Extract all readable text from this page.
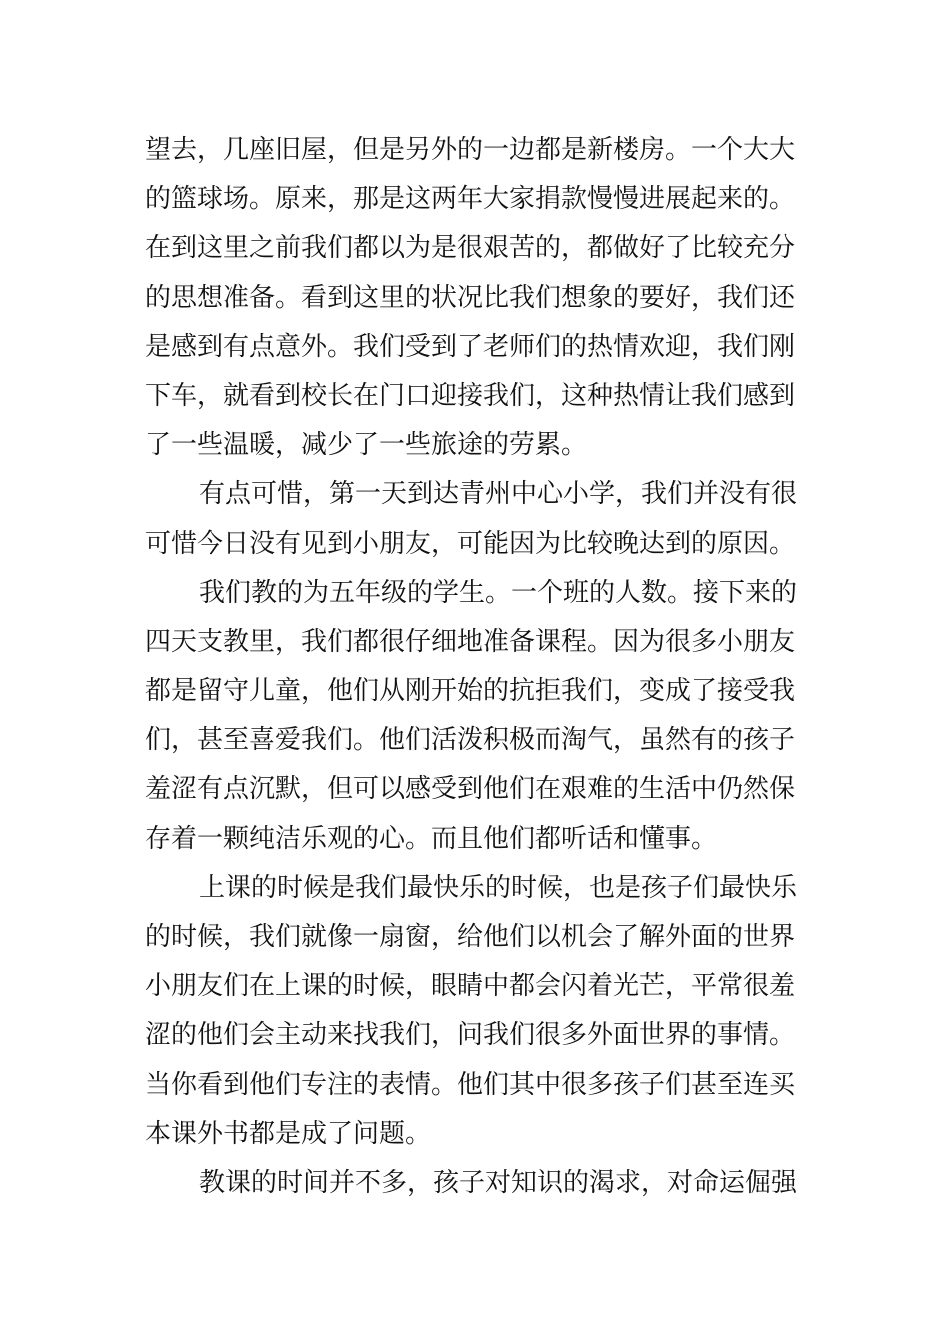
望去，几座旧屋，但是另外的一边都是新楼房。一个大大
的篮球场。原来，那是这两年大家捐款慢慢进展起来的。
在到这里之前我们都以为是很艰苦的，都做好了比较充分
的思想准备。看到这里的状况比我们想象的要好，我们还
是感到有点意外。我们受到了老师们的热情欢迎，我们刚
下车，就看到校长在门口迎接我们，这种热情让我们感到
了一些温暖，减少了一些旅途的劳累。
有点可惜，第一天到达青州中心小学，我们并没有很
可惜今日没有见到小朋友，可能因为比较晚达到的原因。
我们教的为五年级的学生。一个班的人数。接下来的
四天支教里，我们都很仔细地准备课程。因为很多小朋友
都是留守儿童，他们从刚开始的抗拒我们，变成了接受我
们，甚至喜爱我们。他们活泼积极而淘气，虽然有的孩子
羞涩有点沉默，但可以感受到他们在艰难的生活中仍然保
存着一颗纯洁乐观的心。而且他们都听话和懂事。
上课的时候是我们最快乐的时候，也是孩子们最快乐
的时候，我们就像一扇窗，给他们以机会了解外面的世界
小朋友们在上课的时候，眼睛中都会闪着光芒，平常很羞
涩的他们会主动来找我们，问我们很多外面世界的事情。
当你看到他们专注的表情。他们其中很多孩子们甚至连买
本课外书都是成了问题。
教课的时间并不多，孩子对知识的渴求，对命运倔强
